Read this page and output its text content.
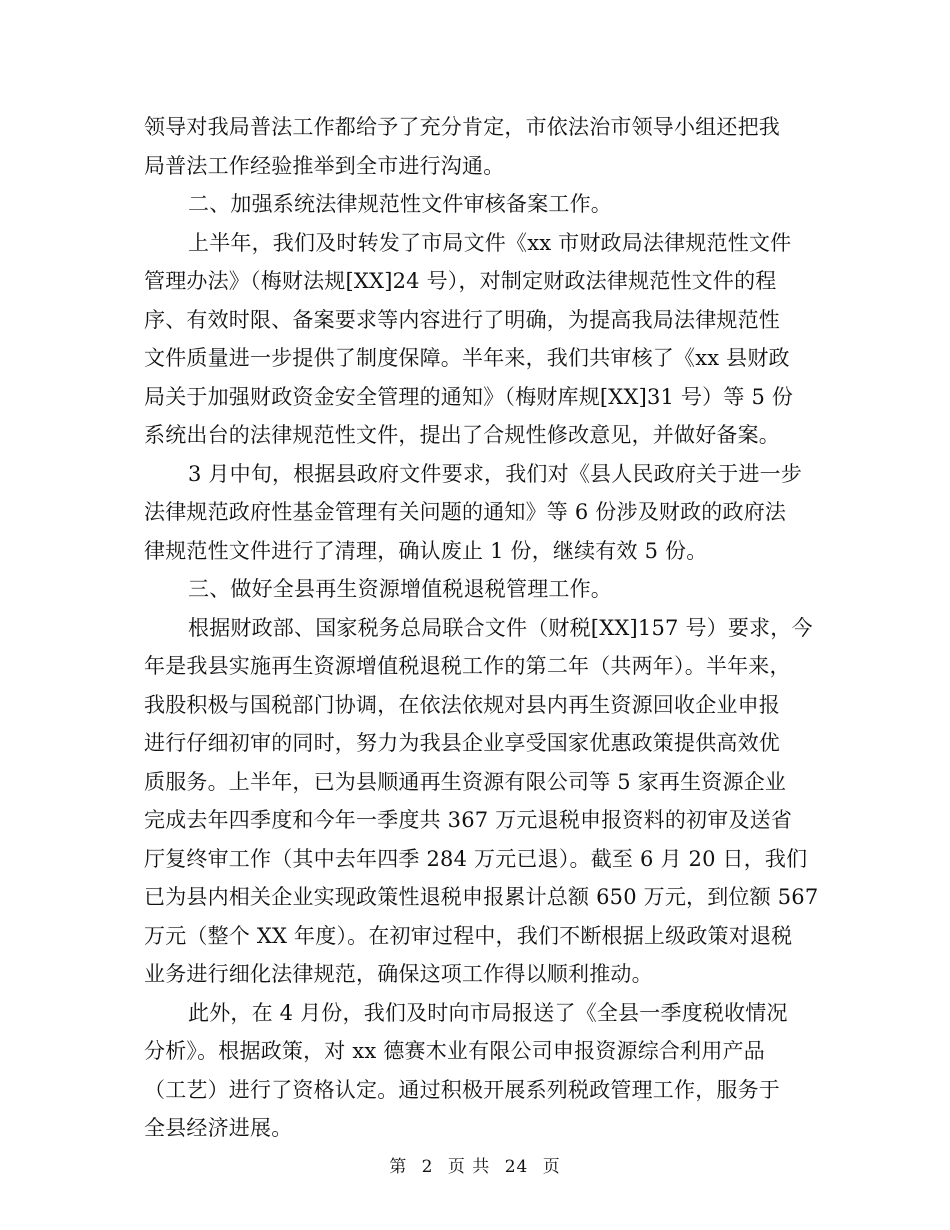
领导对我局普法工作都给予了充分肯定，市依法治市领导小组还把我
局普法工作经验推举到全市进行沟通。
二、加强系统法律规范性文件审核备案工作。
上半年，我们及时转发了市局文件《xx 市财政局法律规范性文件
管理办法》（梅财法规[XX]24 号），对制定财政法律规范性文件的程
序、有效时限、备案要求等内容进行了明确，为提高我局法律规范性
文件质量进一步提供了制度保障。半年来，我们共审核了《xx 县财政
局关于加强财政资金安全管理的通知》（梅财库规[XX]31 号）等 5 份
系统出台的法律规范性文件，提出了合规性修改意见，并做好备案。
3 月中旬，根据县政府文件要求，我们对《县人民政府关于进一步
法律规范政府性基金管理有关问题的通知》等 6 份涉及财政的政府法
律规范性文件进行了清理，确认废止 1 份，继续有效 5 份。
三、做好全县再生资源增值税退税管理工作。
根据财政部、国家税务总局联合文件（财税[XX]157 号）要求，今
年是我县实施再生资源增值税退税工作的第二年（共两年）。半年来，
我股积极与国税部门协调，在依法依规对县内再生资源回收企业申报
进行仔细初审的同时，努力为我县企业享受国家优惠政策提供高效优
质服务。上半年，已为县顺通再生资源有限公司等 5 家再生资源企业
完成去年四季度和今年一季度共 367 万元退税申报资料的初审及送省
厅复终审工作（其中去年四季 284 万元已退）。截至 6 月 20 日，我们
已为县内相关企业实现政策性退税申报累计总额 650 万元，到位额 567
万元（整个 XX 年度）。在初审过程中，我们不断根据上级政策对退税
业务进行细化法律规范，确保这项工作得以顺利推动。
此外，在 4 月份，我们及时向市局报送了《全县一季度税收情况
分析》。根据政策，对 xx 德赛木业有限公司申报资源综合利用产品
（工艺）进行了资格认定。通过积极开展系列税政管理工作，服务于
全县经济进展。
第 2 页 共 24 页
